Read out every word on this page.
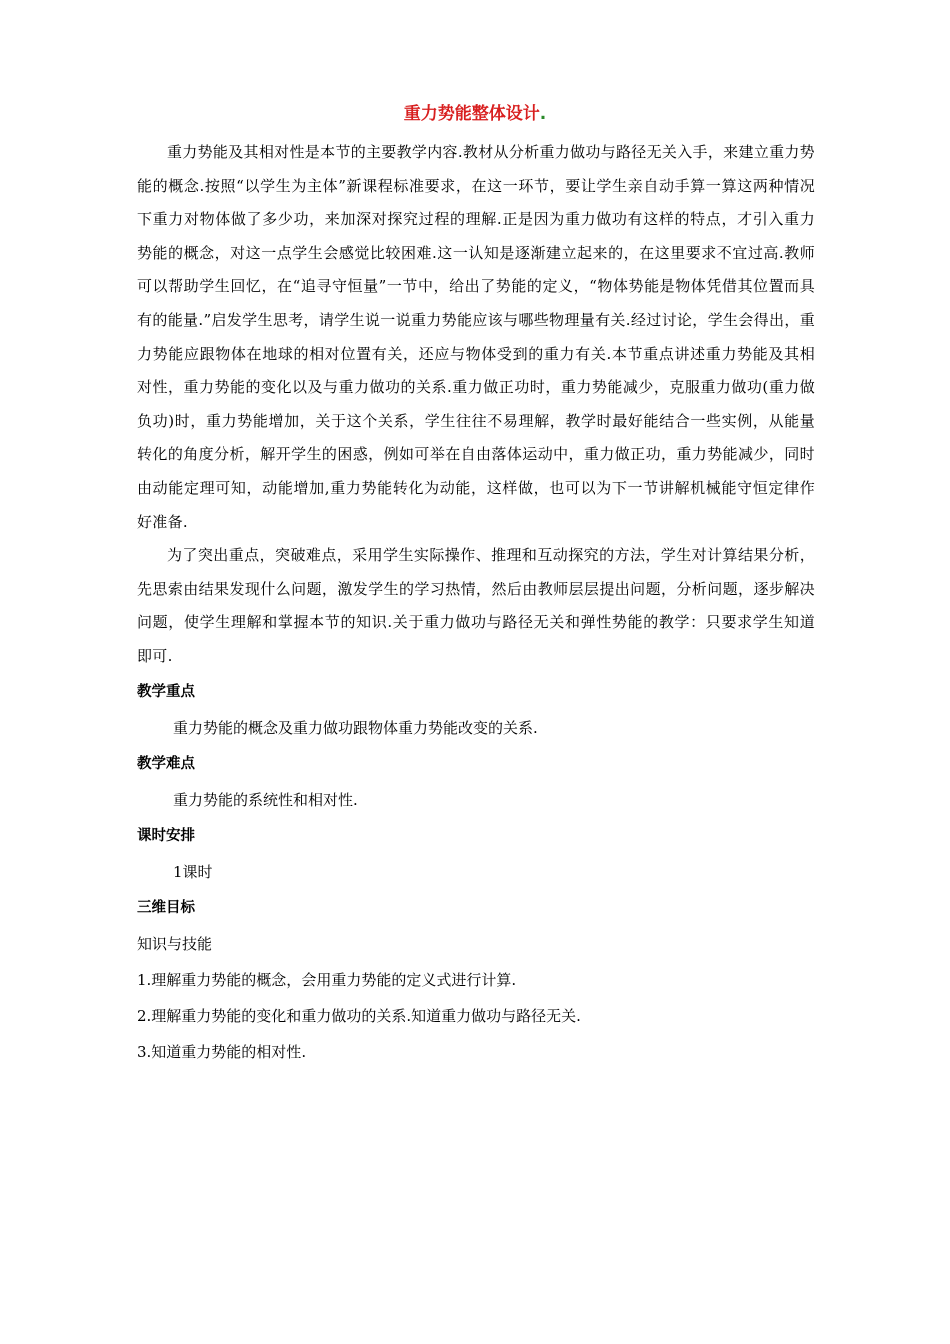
重力势能整体设计.

重力势能及其相对性是本节的主要教学内容.教材从分析重力做功与路径无关入手，来建立重力势能的概念.按照“以学生为主体”新课程标准要求，在这一环节，要让学生亲自动手算一算这两种情况下重力对物体做了多少功，来加深对探究过程的理解.正是因为重力做功有这样的特点，才引入重力势能的概念，对这一点学生会感觉比较困难.这一认知是逐渐建立起来的，在这里要求不宜过高.教师可以帮助学生回忆，在“追寻守恒量”一节中，给出了势能的定义，“物体势能是物体凭借其位置而具有的能量.”启发学生思考，请学生说一说重力势能应该与哪些物理量有关.经过讨论，学生会得出，重力势能应跟物体在地球的相对位置有关，还应与物体受到的重力有关.本节重点讲述重力势能及其相对性，重力势能的变化以及与重力做功的关系.重力做正功时，重力势能减少，克服重力做功(重力做负功)时，重力势能增加，关于这个关系，学生往往不易理解，教学时最好能结合一些实例，从能量转化的角度分析，解开学生的困惑，例如可举在自由落体运动中，重力做正功，重力势能减少，同时由动能定理可知，动能增加,重力势能转化为动能，这样做，也可以为下一节讲解机械能守恒定律作好准备.

为了突出重点，突破难点，采用学生实际操作、推理和互动探究的方法，学生对计算结果分析，先思索由结果发现什么问题，激发学生的学习热情，然后由教师层层提出问题，分析问题，逐步解决问题，使学生理解和掌握本节的知识.关于重力做功与路径无关和弹性势能的教学：只要求学生知道即可.

教学重点

重力势能的概念及重力做功跟物体重力势能改变的关系.

教学难点

重力势能的系统性和相对性.

课时安排

1课时

三维目标

知识与技能

1.理解重力势能的概念，会用重力势能的定义式进行计算.

2.理解重力势能的变化和重力做功的关系.知道重力做功与路径无关.

3.知道重力势能的相对性.
